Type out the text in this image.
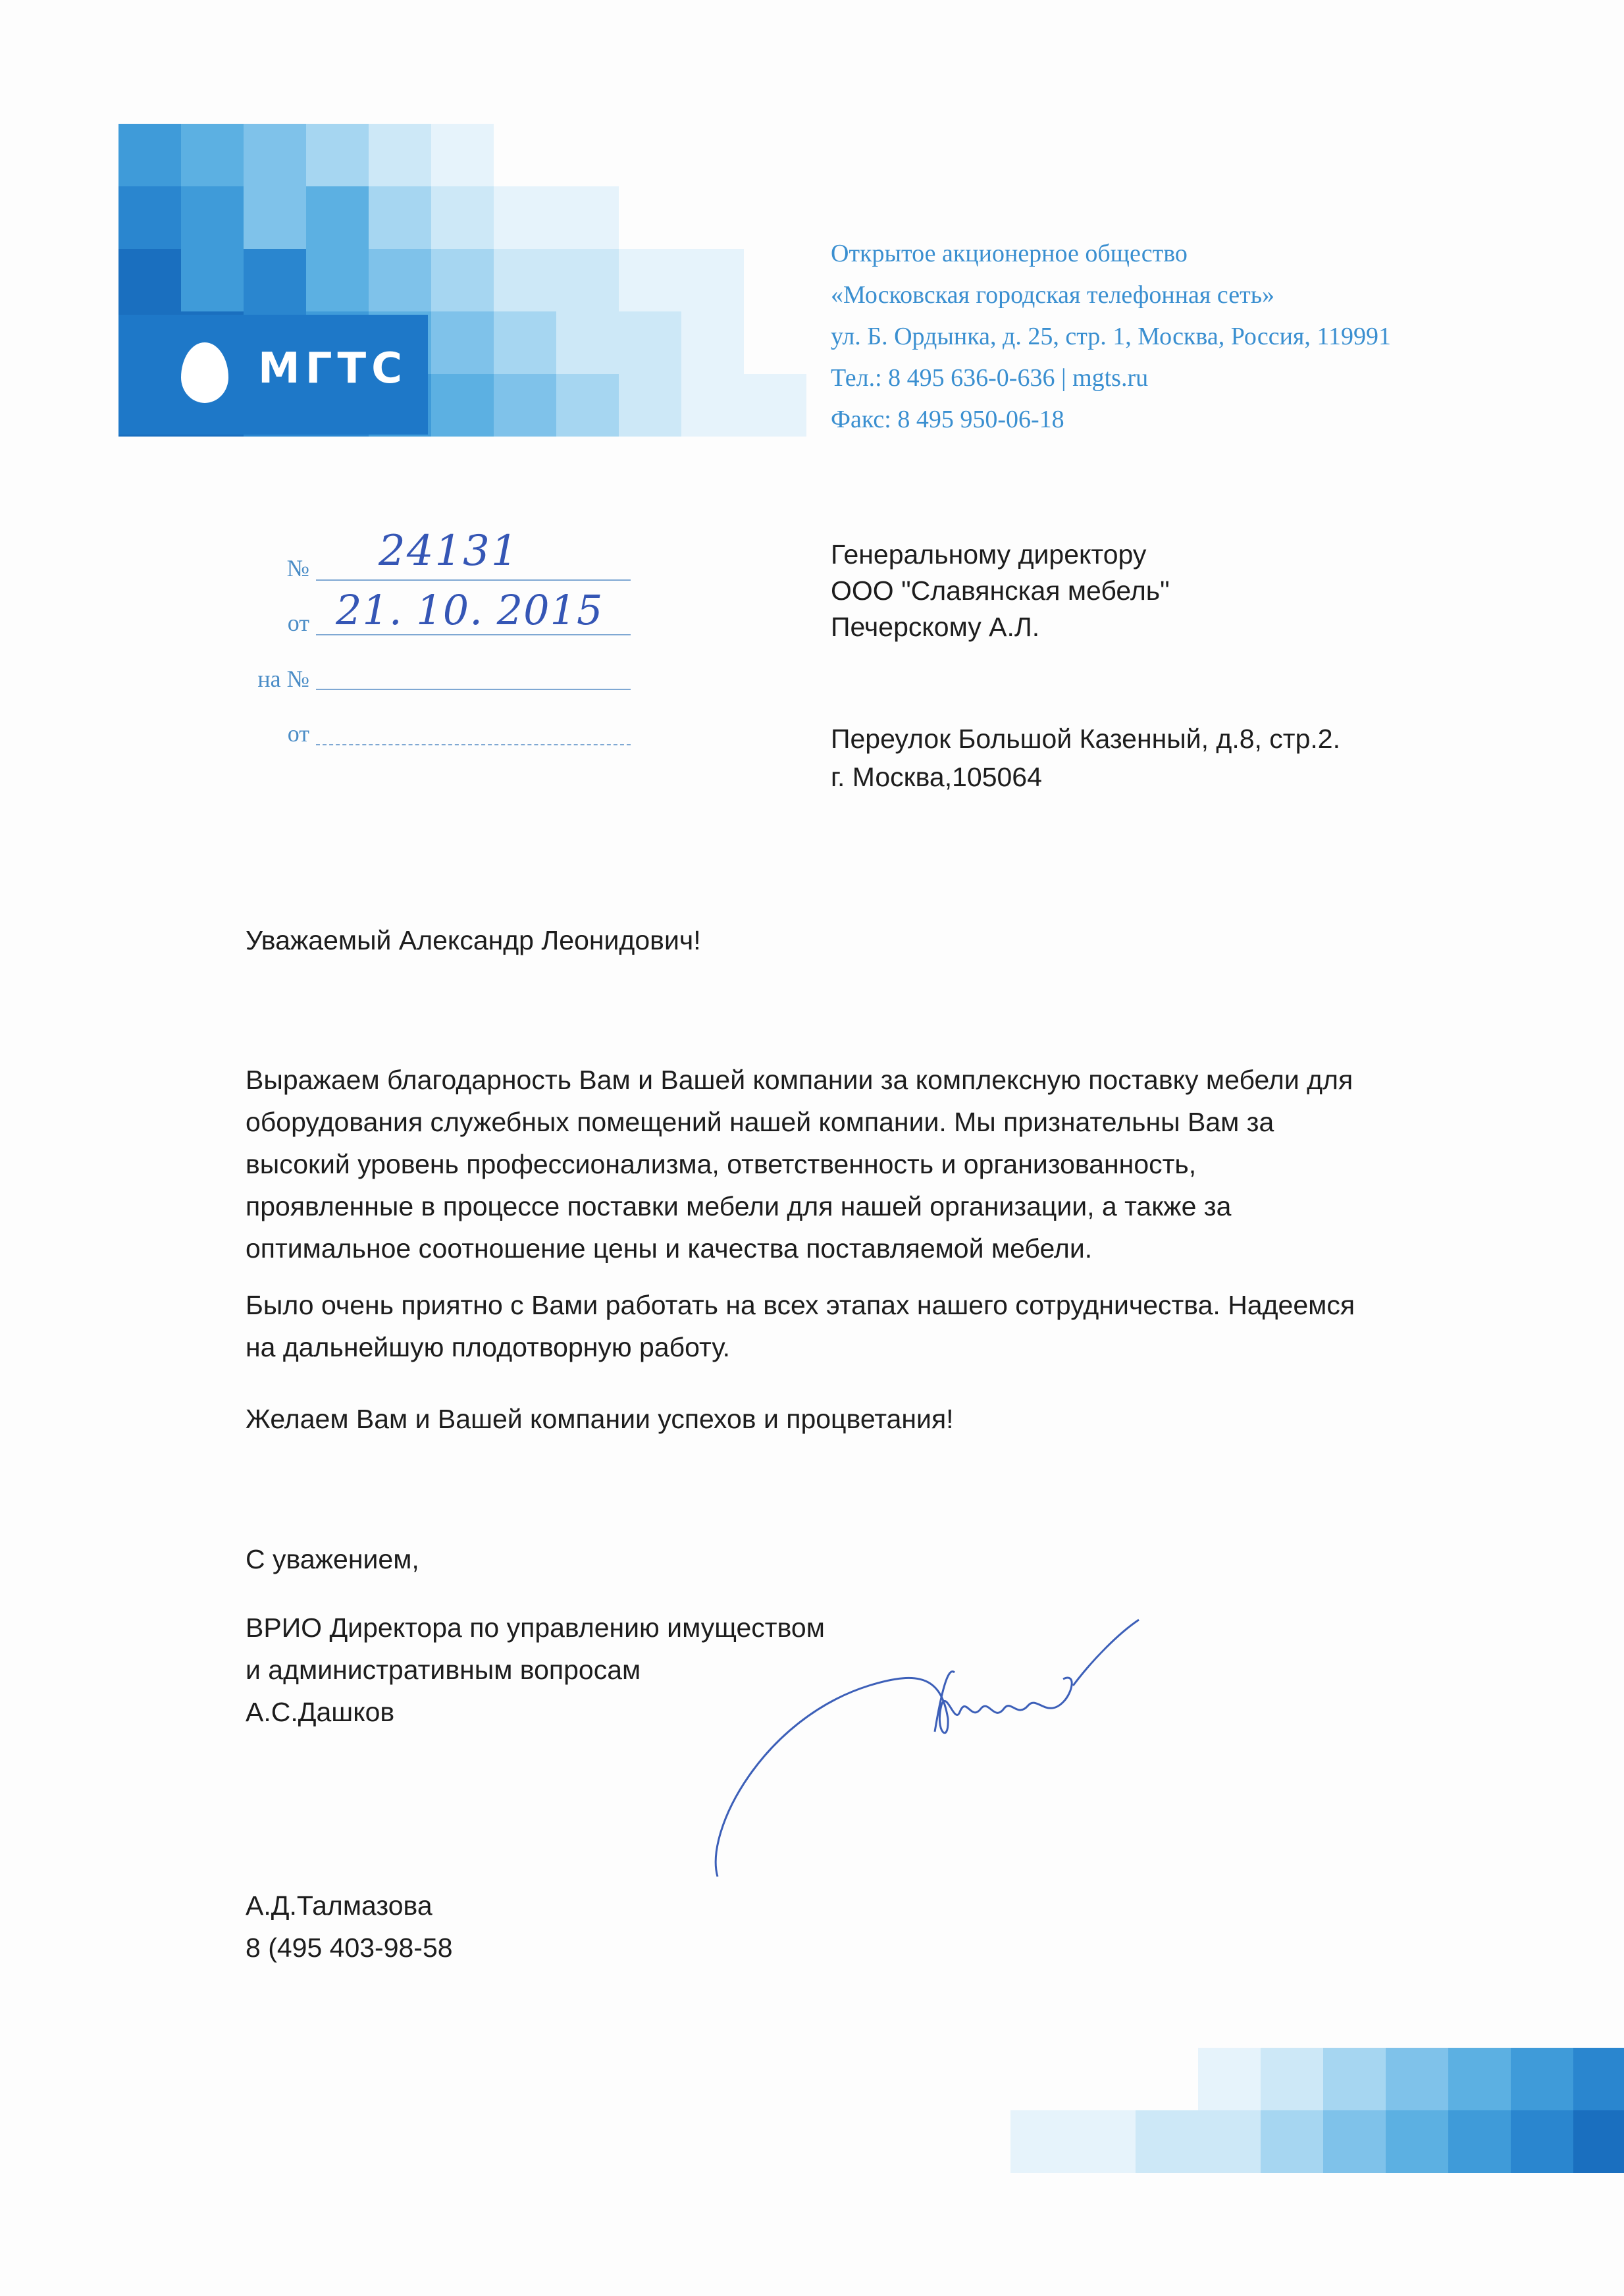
МГТС
Открытое акционерное общество
«Московская городская телефонная сеть»
ул. Б. Ордынка, д. 25, стр. 1, Москва, Россия, 119991
Тел.: 8 495 636-0-636 | mgts.ru
Факс: 8 495 950-06-18
№ 24131
от 21. 10. 2015
на №
от
Генеральному директору
ООО "Славянская мебель"
Печерскому А.Л.
Переулок Большой Казенный, д.8, стр.2.
г. Москва,105064
Уважаемый Александр Леонидович!
Выражаем благодарность Вам и Вашей компании за комплексную поставку мебели для
оборудования служебных помещений нашей компании. Мы признательны Вам за
высокий уровень профессионализма, ответственность и организованность,
проявленные в процессе поставки мебели для нашей организации, а также за
оптимальное соотношение цены и качества поставляемой мебели.
Было очень приятно с Вами работать на всех этапах нашего сотрудничества. Надеемся
на дальнейшую плодотворную работу.
Желаем Вам и Вашей компании успехов и процветания!
С уважением,
ВРИО Директора по управлению имуществом
и административным вопросам
А.С.Дашков
А.Д.Талмазова
8 (495 403-98-58
